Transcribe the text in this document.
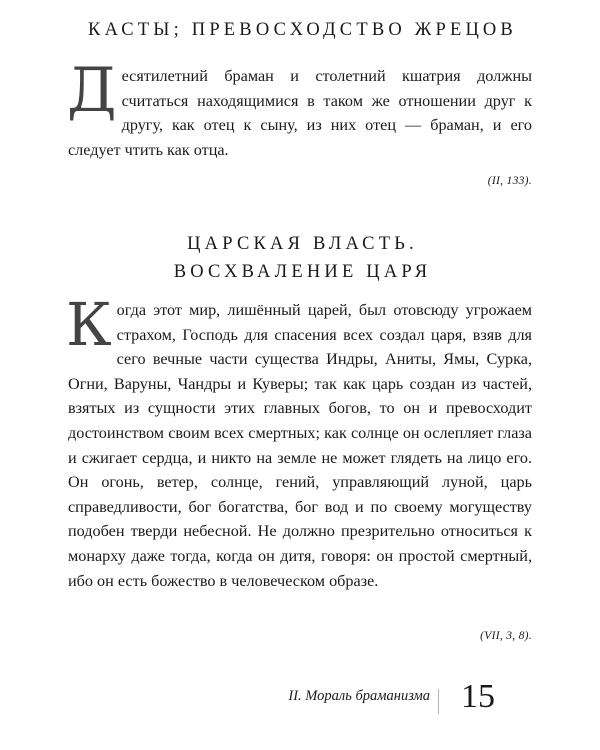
КАСТЫ; ПРЕВОСХОДСТВО ЖРЕЦОВ

Десятилетний браман и столетний кшатрия должны считаться находящимися в таком же отношении друг к другу, как отец к сыну, из них отец — браман, и его следует чтить как отца.

(II, 133).
ЦАРСКАЯ ВЛАСТЬ.
ВОСХВАЛЕНИЕ ЦАРЯ

Когда этот мир, лишённый царей, был отовсюду угрожаем страхом, Господь для спасения всех создал царя, взяв для сего вечные части существа Индры, Аниты, Ямы, Сурка, Огни, Варуны, Чандры и Куверы; так как царь создан из частей, взятых из сущности этих главных богов, то он и превосходит достоинством своим всех смертных; как солнце он ослепляет глаза и сжигает сердца, и никто на земле не может глядеть на лицо его. Он огонь, ветер, солнце, гений, управляющий луной, царь справедливости, бог богатства, бог вод и по своему могуществу подобен тверди небесной. Не должно презрительно относиться к монарху даже тогда, когда он дитя, говоря: он простой смертный, ибо он есть божество в человеческом образе.

(VII, 3, 8).
II. Мораль браманизма 15
